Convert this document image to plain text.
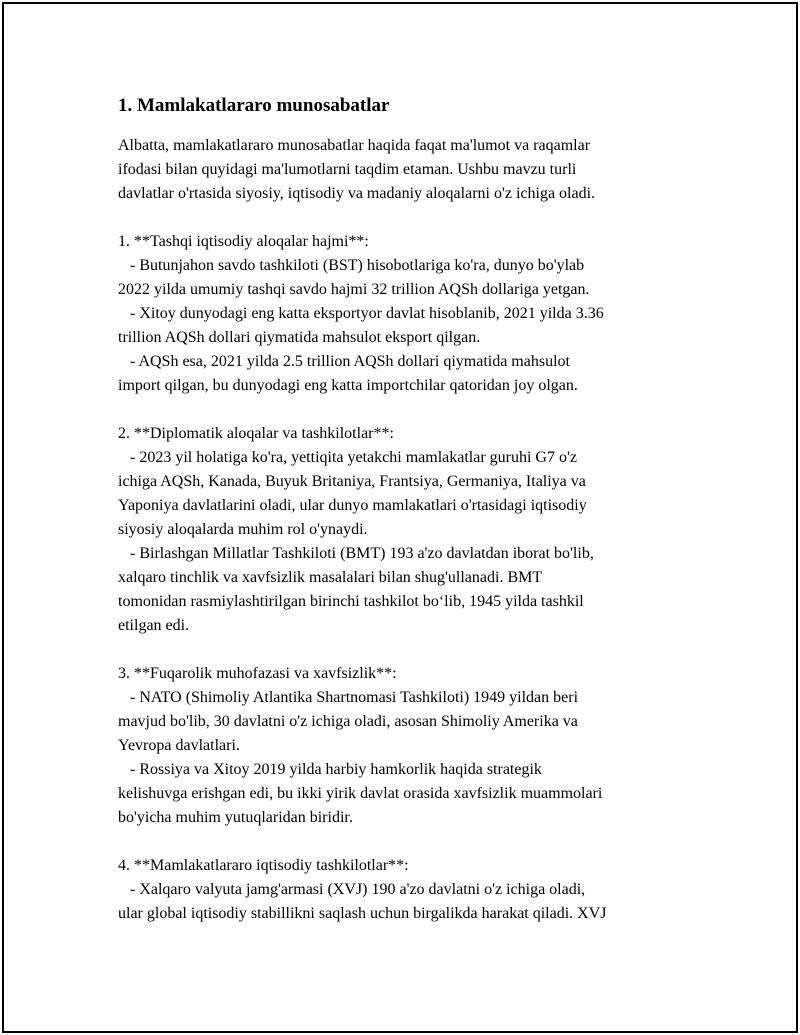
1. Mamlakatlararo munosabatlar

Albatta, mamlakatlararo munosabatlar haqida faqat ma'lumot va raqamlar

ifodasi bilan quyidagi ma'lumotlarni taqdim etaman. Ushbu mavzu turli

davlatlar o'rtasida siyosiy, iqtisodiy va madaniy aloqalarni o'z ichiga oladi.

1. **Tashqi iqtisodiy aloqalar hajmi**:

- Butunjahon savdo tashkiloti (BST) hisobotlariga ko'ra, dunyo bo'ylab

2022 yilda umumiy tashqi savdo hajmi 32 trillion AQSh dollariga yetgan.

- Xitoy dunyodagi eng katta eksportyor davlat hisoblanib, 2021 yilda 3.36

trillion AQSh dollari qiymatida mahsulot eksport qilgan.

- AQSh esa, 2021 yilda 2.5 trillion AQSh dollari qiymatida mahsulot

import qilgan, bu dunyodagi eng katta importchilar qatoridan joy olgan.

2. **Diplomatik aloqalar va tashkilotlar**:

- 2023 yil holatiga ko'ra, yettiqita yetakchi mamlakatlar guruhi G7 o'z

ichiga AQSh, Kanada, Buyuk Britaniya, Frantsiya, Germaniya, Italiya va

Yaponiya davlatlarini oladi, ular dunyo mamlakatlari o'rtasidagi iqtisodiy

siyosiy aloqalarda muhim rol o'ynaydi.

- Birlashgan Millatlar Tashkiloti (BMT) 193 a'zo davlatdan iborat bo'lib,

xalqaro tinchlik va xavfsizlik masalalari bilan shug'ullanadi. BMT

tomonidan rasmiylashtirilgan birinchi tashkilot bo‘lib, 1945 yilda tashkil

etilgan edi.

3. **Fuqarolik muhofazasi va xavfsizlik**:

- NATO (Shimoliy Atlantika Shartnomasi Tashkiloti) 1949 yildan beri

mavjud bo'lib, 30 davlatni o'z ichiga oladi, asosan Shimoliy Amerika va

Yevropa davlatlari.

- Rossiya va Xitoy 2019 yilda harbiy hamkorlik haqida strategik

kelishuvga erishgan edi, bu ikki yirik davlat orasida xavfsizlik muammolari

bo'yicha muhim yutuqlaridan biridir.

4. **Mamlakatlararo iqtisodiy tashkilotlar**:

- Xalqaro valyuta jamg'armasi (XVJ) 190 a'zo davlatni o'z ichiga oladi,

ular global iqtisodiy stabillikni saqlash uchun birgalikda harakat qiladi. XVJ
